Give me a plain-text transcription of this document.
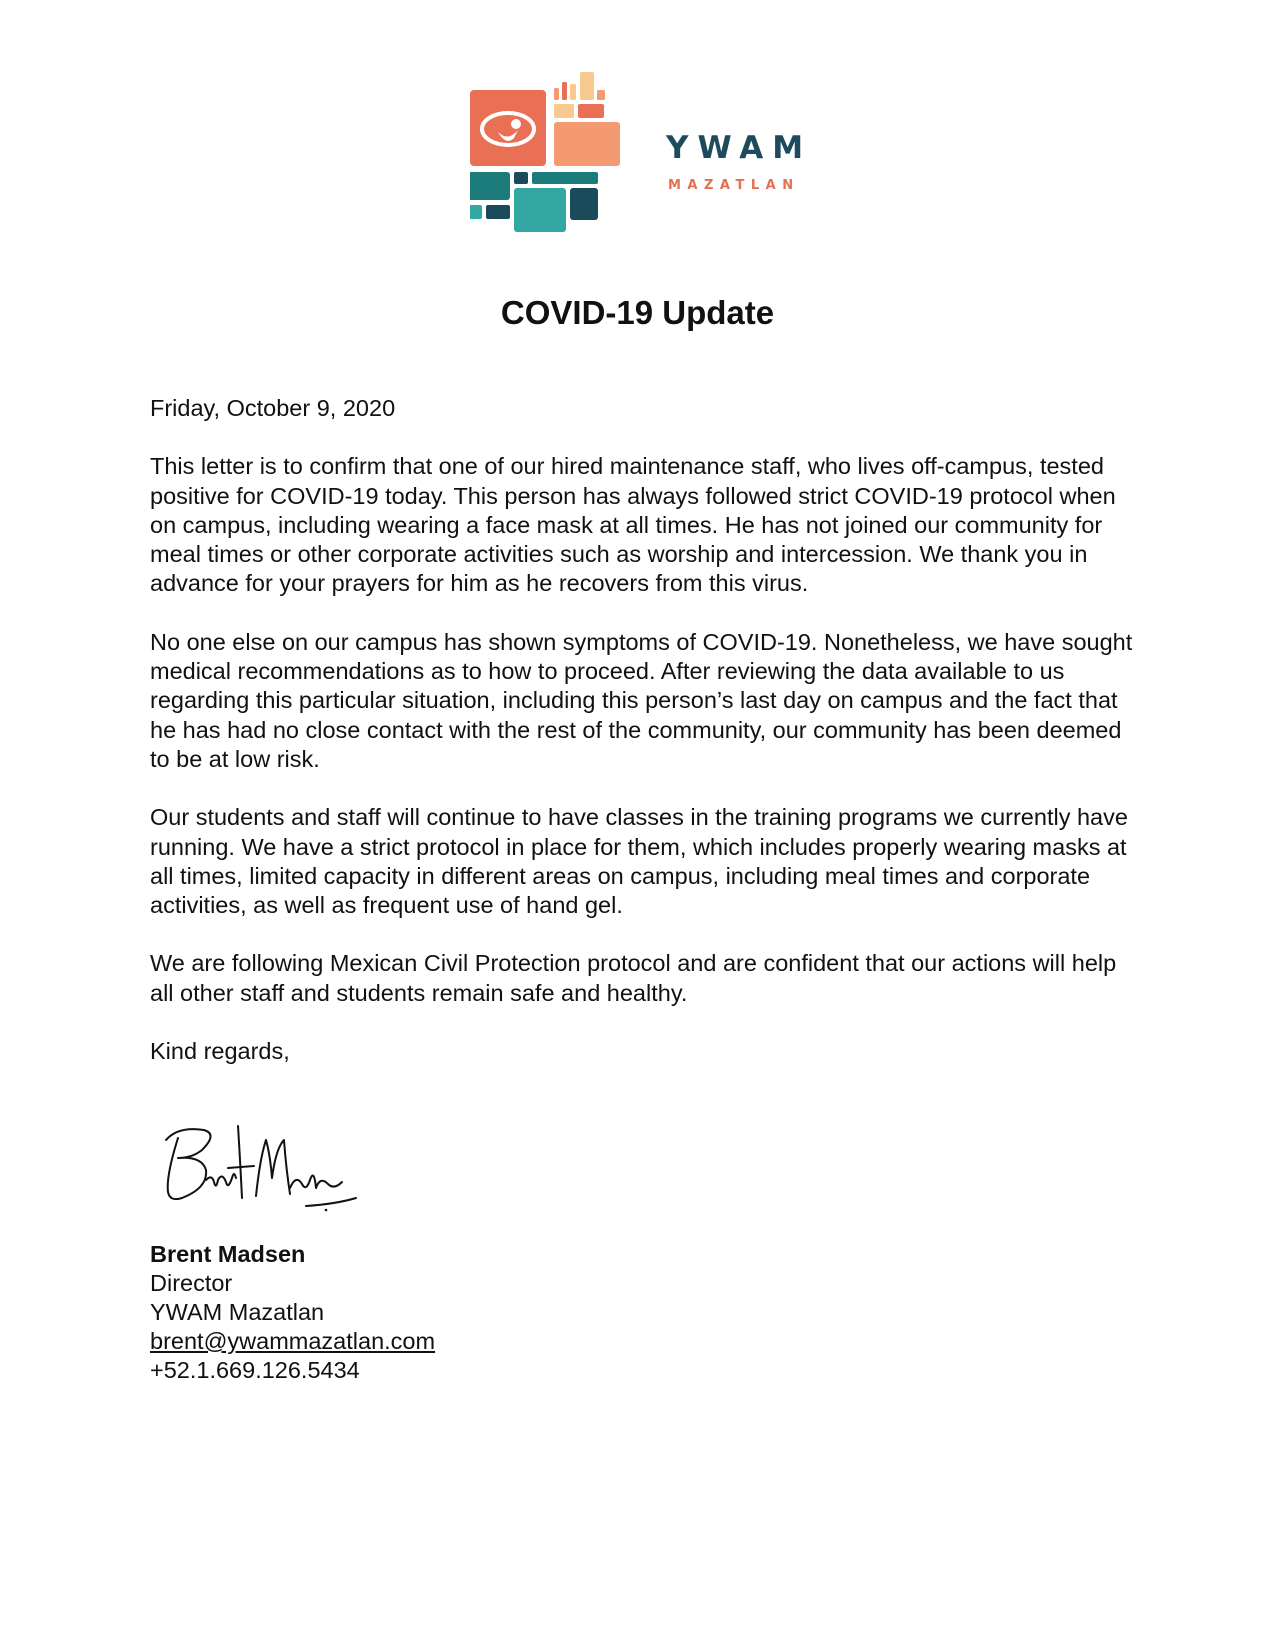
YWAM
MAZATLAN
COVID-19 Update

Friday, October 9, 2020

This letter is to confirm that one of our hired maintenance staff, who lives off-campus, tested positive for COVID-19 today. This person has always followed strict COVID-19 protocol when on campus, including wearing a face mask at all times. He has not joined our community for meal times or other corporate activities such as worship and intercession. We thank you in advance for your prayers for him as he recovers from this virus.

No one else on our campus has shown symptoms of COVID-19. Nonetheless, we have sought medical recommendations as to how to proceed. After reviewing the data available to us regarding this particular situation, including this person’s last day on campus and the fact that he has had no close contact with the rest of the community, our community has been deemed to be at low risk.

Our students and staff will continue to have classes in the training programs we currently have running. We have a strict protocol in place for them, which includes properly wearing masks at all times, limited capacity in different areas on campus, including meal times and corporate activities, as well as frequent use of hand gel.

We are following Mexican Civil Protection protocol and are confident that our actions will help all other staff and students remain safe and healthy.

Kind regards,

Brent Madsen
Director
YWAM Mazatlan
brent@ywammazatlan.com
+52.1.669.126.5434
